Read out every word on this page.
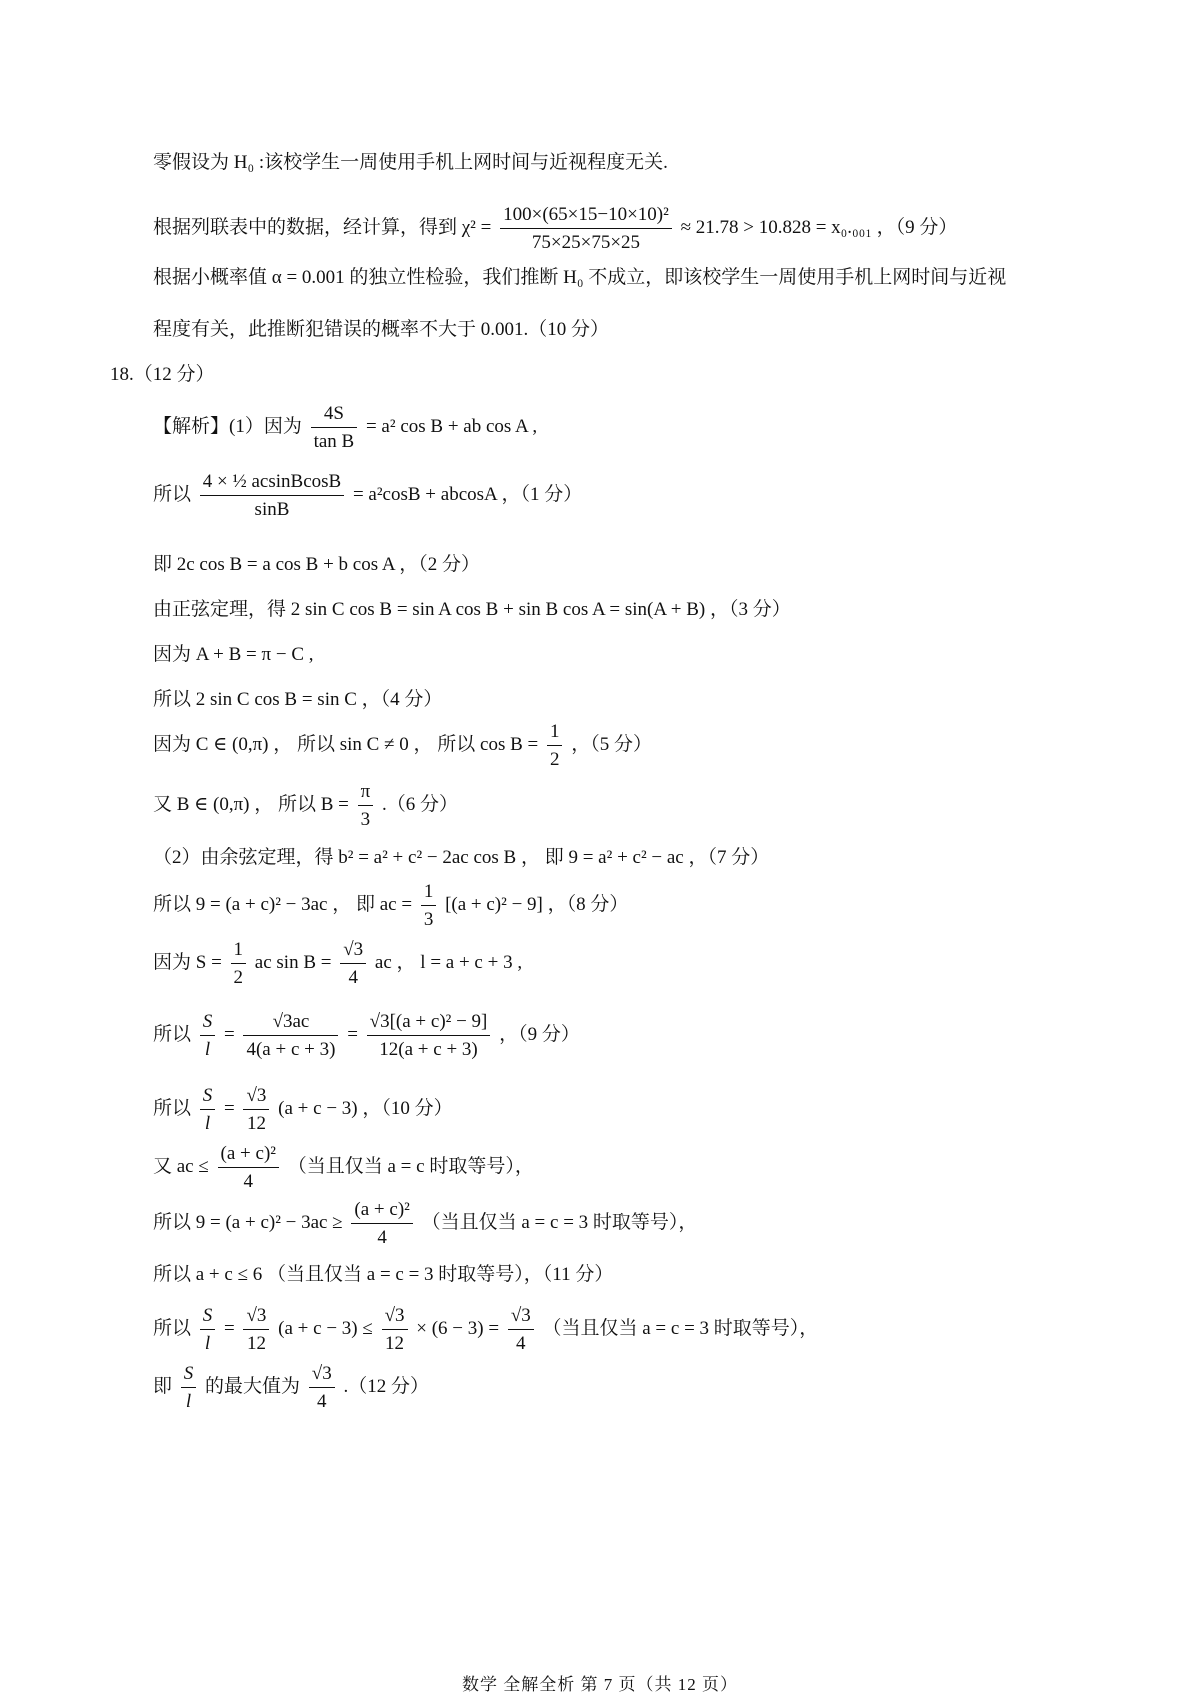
零假设为 H₀ :该校学生一周使用手机上网时间与近视程度无关.
根据列联表中的数据，经计算，得到 $\chi^2 = \frac{\text{100×(65×15−10×10)²}}{75\times 25\times 75\times 25} \approx 21.78 > 10.828 = x_0._{001}$ ，（9 分）
根据小概率值 α = 0.001 的独立性检验，我们推断 H₀ 不成立，即该校学生一周使用手机上网时间与近视
程度有关，此推断犯错误的概率不大于 0.001.（10 分）
18.（12 分）
【解析】(1）因为 $\frac{4S}{\text{tan B}} = a^2$ cos B + ab cos A ,
所以 $\frac{\text{4 × ½ acsinBcosB}}{\sin B} = a^2\cos B + abcosA$ ，（1 分）
即 2c cos B = a cos B + b cos A ，（2 分）
由正弦定理，得 2 sin C cos B = sin A cos B + sin B cos A = sin(A + B) ，（3 分）
因为 A + B = π − C ,
所以 2 sin C cos B = sin C ，（4 分）
因为 C ∈ (0,π) ， 所以 sin C ≠ 0 ， 所以 $\cos B = \frac{1}{2}$ ，（5 分）
又 B ∈ (0,π) ， 所以 $B = \frac{\pi}{3} .(6$ 分）
（2）由余弦定理，得 b² = a² + c² − 2ac cos B ， 即 9 = a² + c² − ac ，（7 分）
所以 9 = (a + c)² − 3ac ， 即 ac = $\frac{1}{3} [(a + c)^2 - 9]$ ，（8 分）
因为 $S = \frac{1}{2}$ ac $\sin B = \frac{√3}{4}$ ac ， l = a + c + 3 ,
所以 $\frac{S}{l} = \frac{√3ac}{4(a + c + 3)} = \frac{\text{√3[(a + c)² − 9]}}{12(a + c + 3)}$ ，（9 分）
所以 $\frac{S}{l} = \frac{√3}{12} (a + c - 3)$ ，（10 分）
又 ac ≤ $\frac{\text{(a + c)²}}{4}$ （当且仅当 a = c 时取等号），
所以 $9 = (a + c)^2 - 3ac \ge \frac{\text{(a + c)²}}{4}$ （当且仅当 a = c = 3 时取等号），
所以 a + c ≤ 6 （当且仅当 a = c = 3 时取等号），（11 分）
所以 $\frac{S}{l} = \frac{√3}{12} (a + c - 3) \le \frac{√3}{12} \times (6 - 3) = \frac{√3}{4}$ （当且仅当 a = c = 3 时取等号），
即 $\frac{S}{l}$ 的最大值为 $\frac{√3}{4} .(12$ 分）
数学 全解全析 第 7 页（共 12 页）
